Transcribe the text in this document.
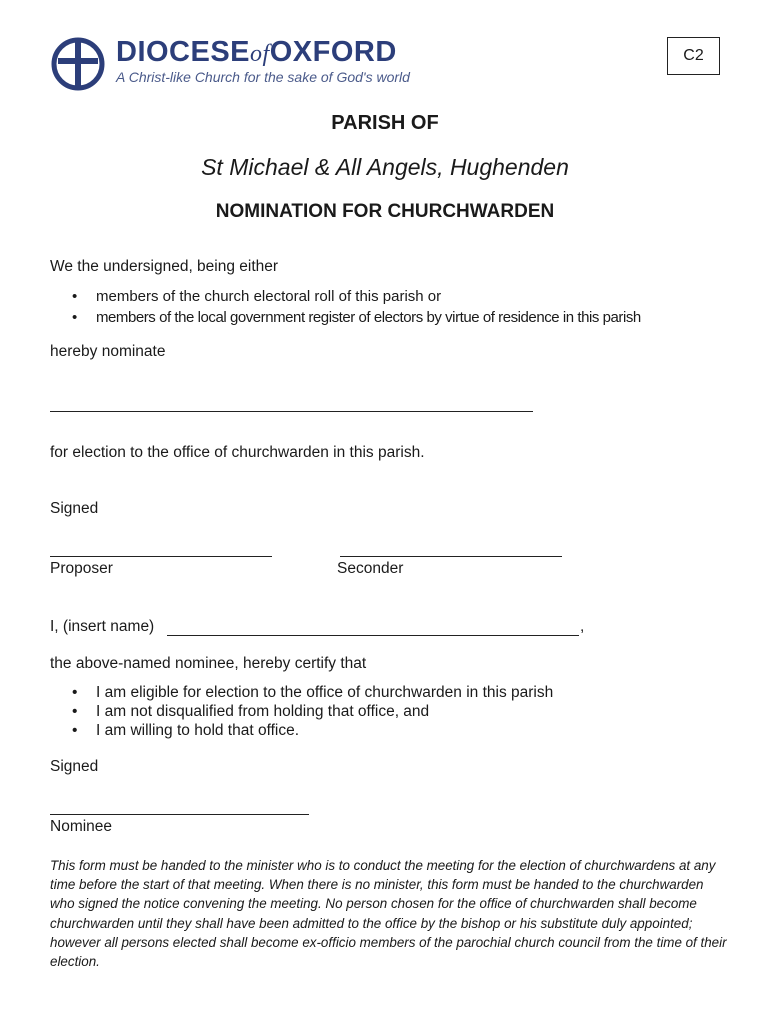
DIOCESEofOXFORD
A Christ-like Church for the sake of God's world
C2
PARISH OF
St Michael & All Angels, Hughenden
NOMINATION FOR CHURCHWARDEN
We the undersigned, being either
• members of the church electoral roll of this parish or
• members of the local government register of electors by virtue of residence in this parish
hereby nominate
for election to the office of churchwarden in this parish.
Signed
Proposer	Seconder
I, (insert name)	,
the above-named nominee, hereby certify that
• I am eligible for election to the office of churchwarden in this parish
• I am not disqualified from holding that office, and
• I am willing to hold that office.
Signed
Nominee
This form must be handed to the minister who is to conduct the meeting for the election of churchwardens at any time before the start of that meeting. When there is no minister, this form must be handed to the churchwarden who signed the notice convening the meeting. No person chosen for the office of churchwarden shall become churchwarden until they shall have been admitted to the office by the bishop or his substitute duly appointed; however all persons elected shall become ex-officio members of the parochial church council from the time of their election.
